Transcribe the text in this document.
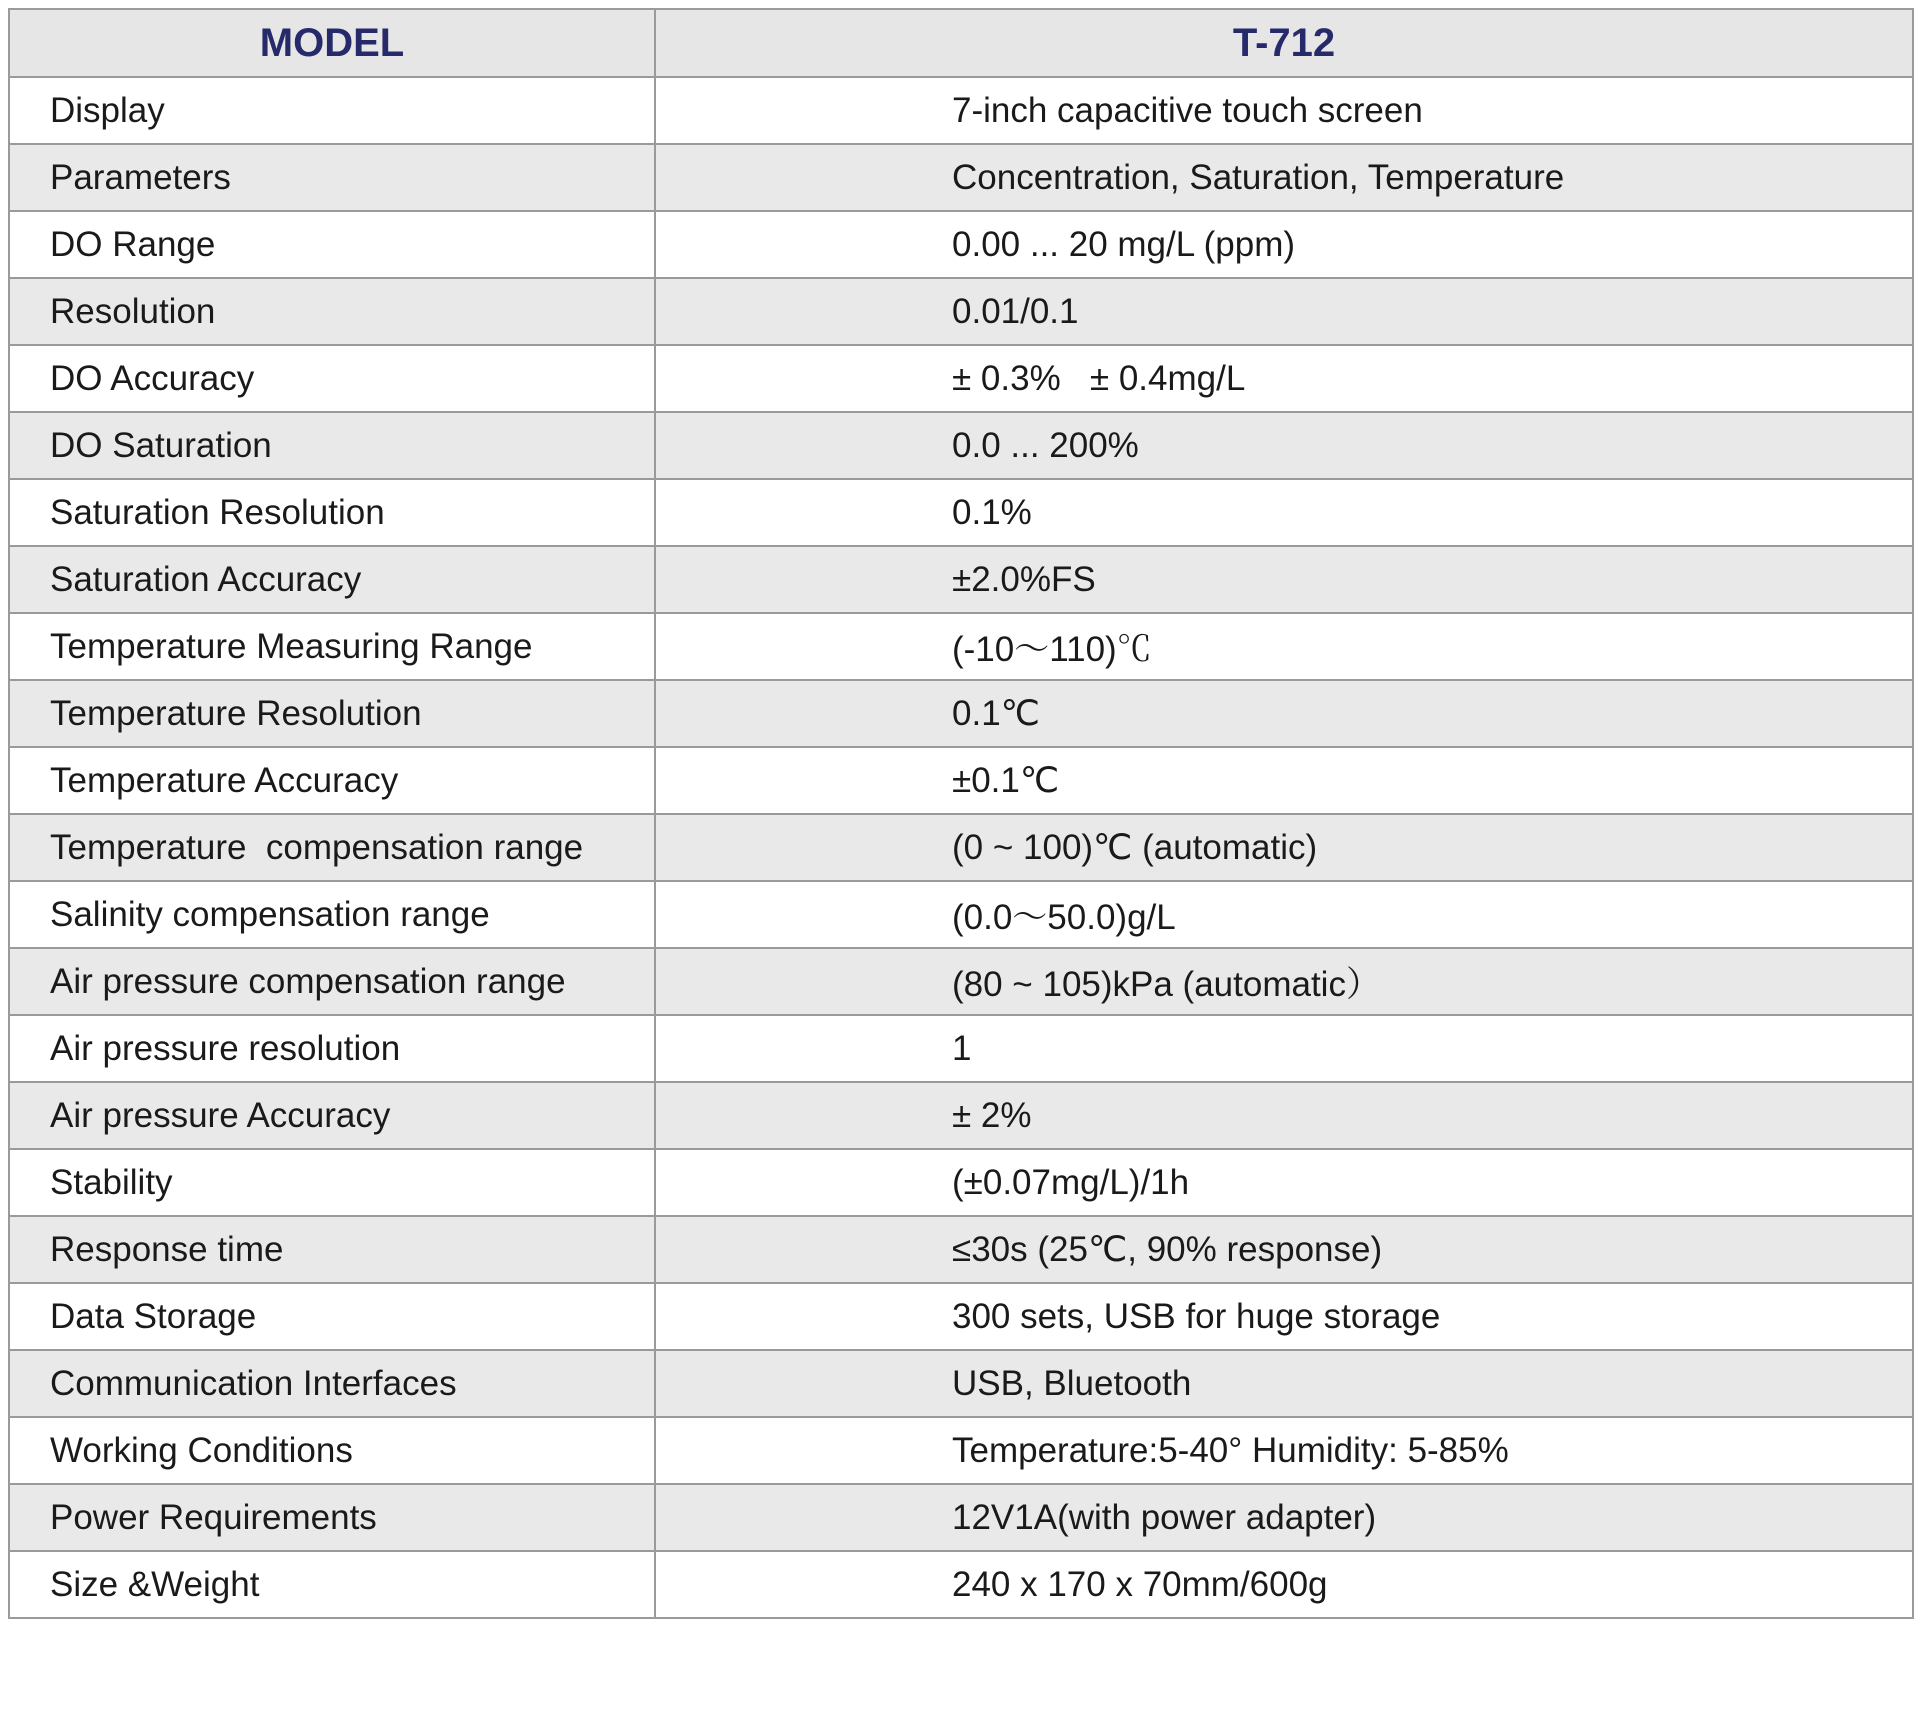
MODEL	T-712
Display	7-inch capacitive touch screen
Parameters	Concentration, Saturation, Temperature
DO Range	0.00 ... 20 mg/L (ppm)
Resolution	0.01/0.1
DO Accuracy	± 0.3%   ± 0.4mg/L
DO Saturation	0.0 ... 200%
Saturation Resolution	0.1%
Saturation Accuracy	±2.0%FS
Temperature Measuring Range	(-10～110)℃
Temperature Resolution	0.1℃
Temperature Accuracy	±0.1℃
Temperature  compensation range	(0 ~ 100)℃ (automatic)
Salinity compensation range	(0.0～50.0)g/L
Air pressure compensation range	(80 ~ 105)kPa (automatic）
Air pressure resolution	1
Air pressure Accuracy	± 2%
Stability	(±0.07mg/L)/1h
Response time	≤30s (25℃, 90% response)
Data Storage	300 sets, USB for huge storage
Communication Interfaces	USB, Bluetooth
Working Conditions	Temperature:5-40° Humidity: 5-85%
Power Requirements	12V1A(with power adapter)
Size &Weight	240 x 170 x 70mm/600g
